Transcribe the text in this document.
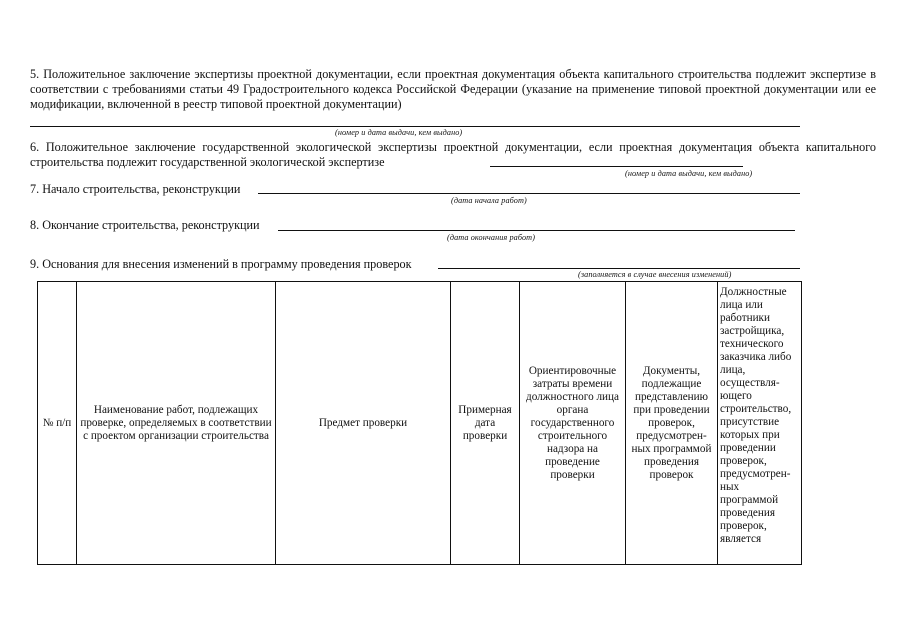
5. Положительное заключение экспертизы проектной документации, если проектная документация объекта капитального строительства подлежит экспертизе в соответствии с требованиями статьи 49 Градостроительного кодекса Российской Федерации (указание на применение типовой проектной документации или ее модификации, включенной в реестр типовой проектной документации)
(номер и дата выдачи, кем выдано)
6. Положительное заключение государственной экологической экспертизы проектной документации, если проектная документация объекта капитального строительства подлежит государственной экологической экспертизе
(номер и дата выдачи, кем выдано)
7. Начало строительства, реконструкции
(дата начала работ)
8. Окончание строительства, реконструкции
(дата окончания работ)
9. Основания для внесения изменений в программу проведения проверок
(заполняется в случае внесения изменений)
№ п/п	Наименование работ, подлежащих проверке, определяемых в соответствии с проектом организации строительства	Предмет проверки	Примерная дата проверки	Ориентировочные затраты времени должностного лица органа государственного строительного надзора на проведение проверки	Документы, подлежащие представлению при проведении проверок, предусмотрен-ных программой проведения проверок	Должностные лица или работники застройщика, технического заказчика либо лица, осуществля-ющего строительство, присутствие которых при проведении проверок, предусмотрен-ных программой проведения проверок, является
